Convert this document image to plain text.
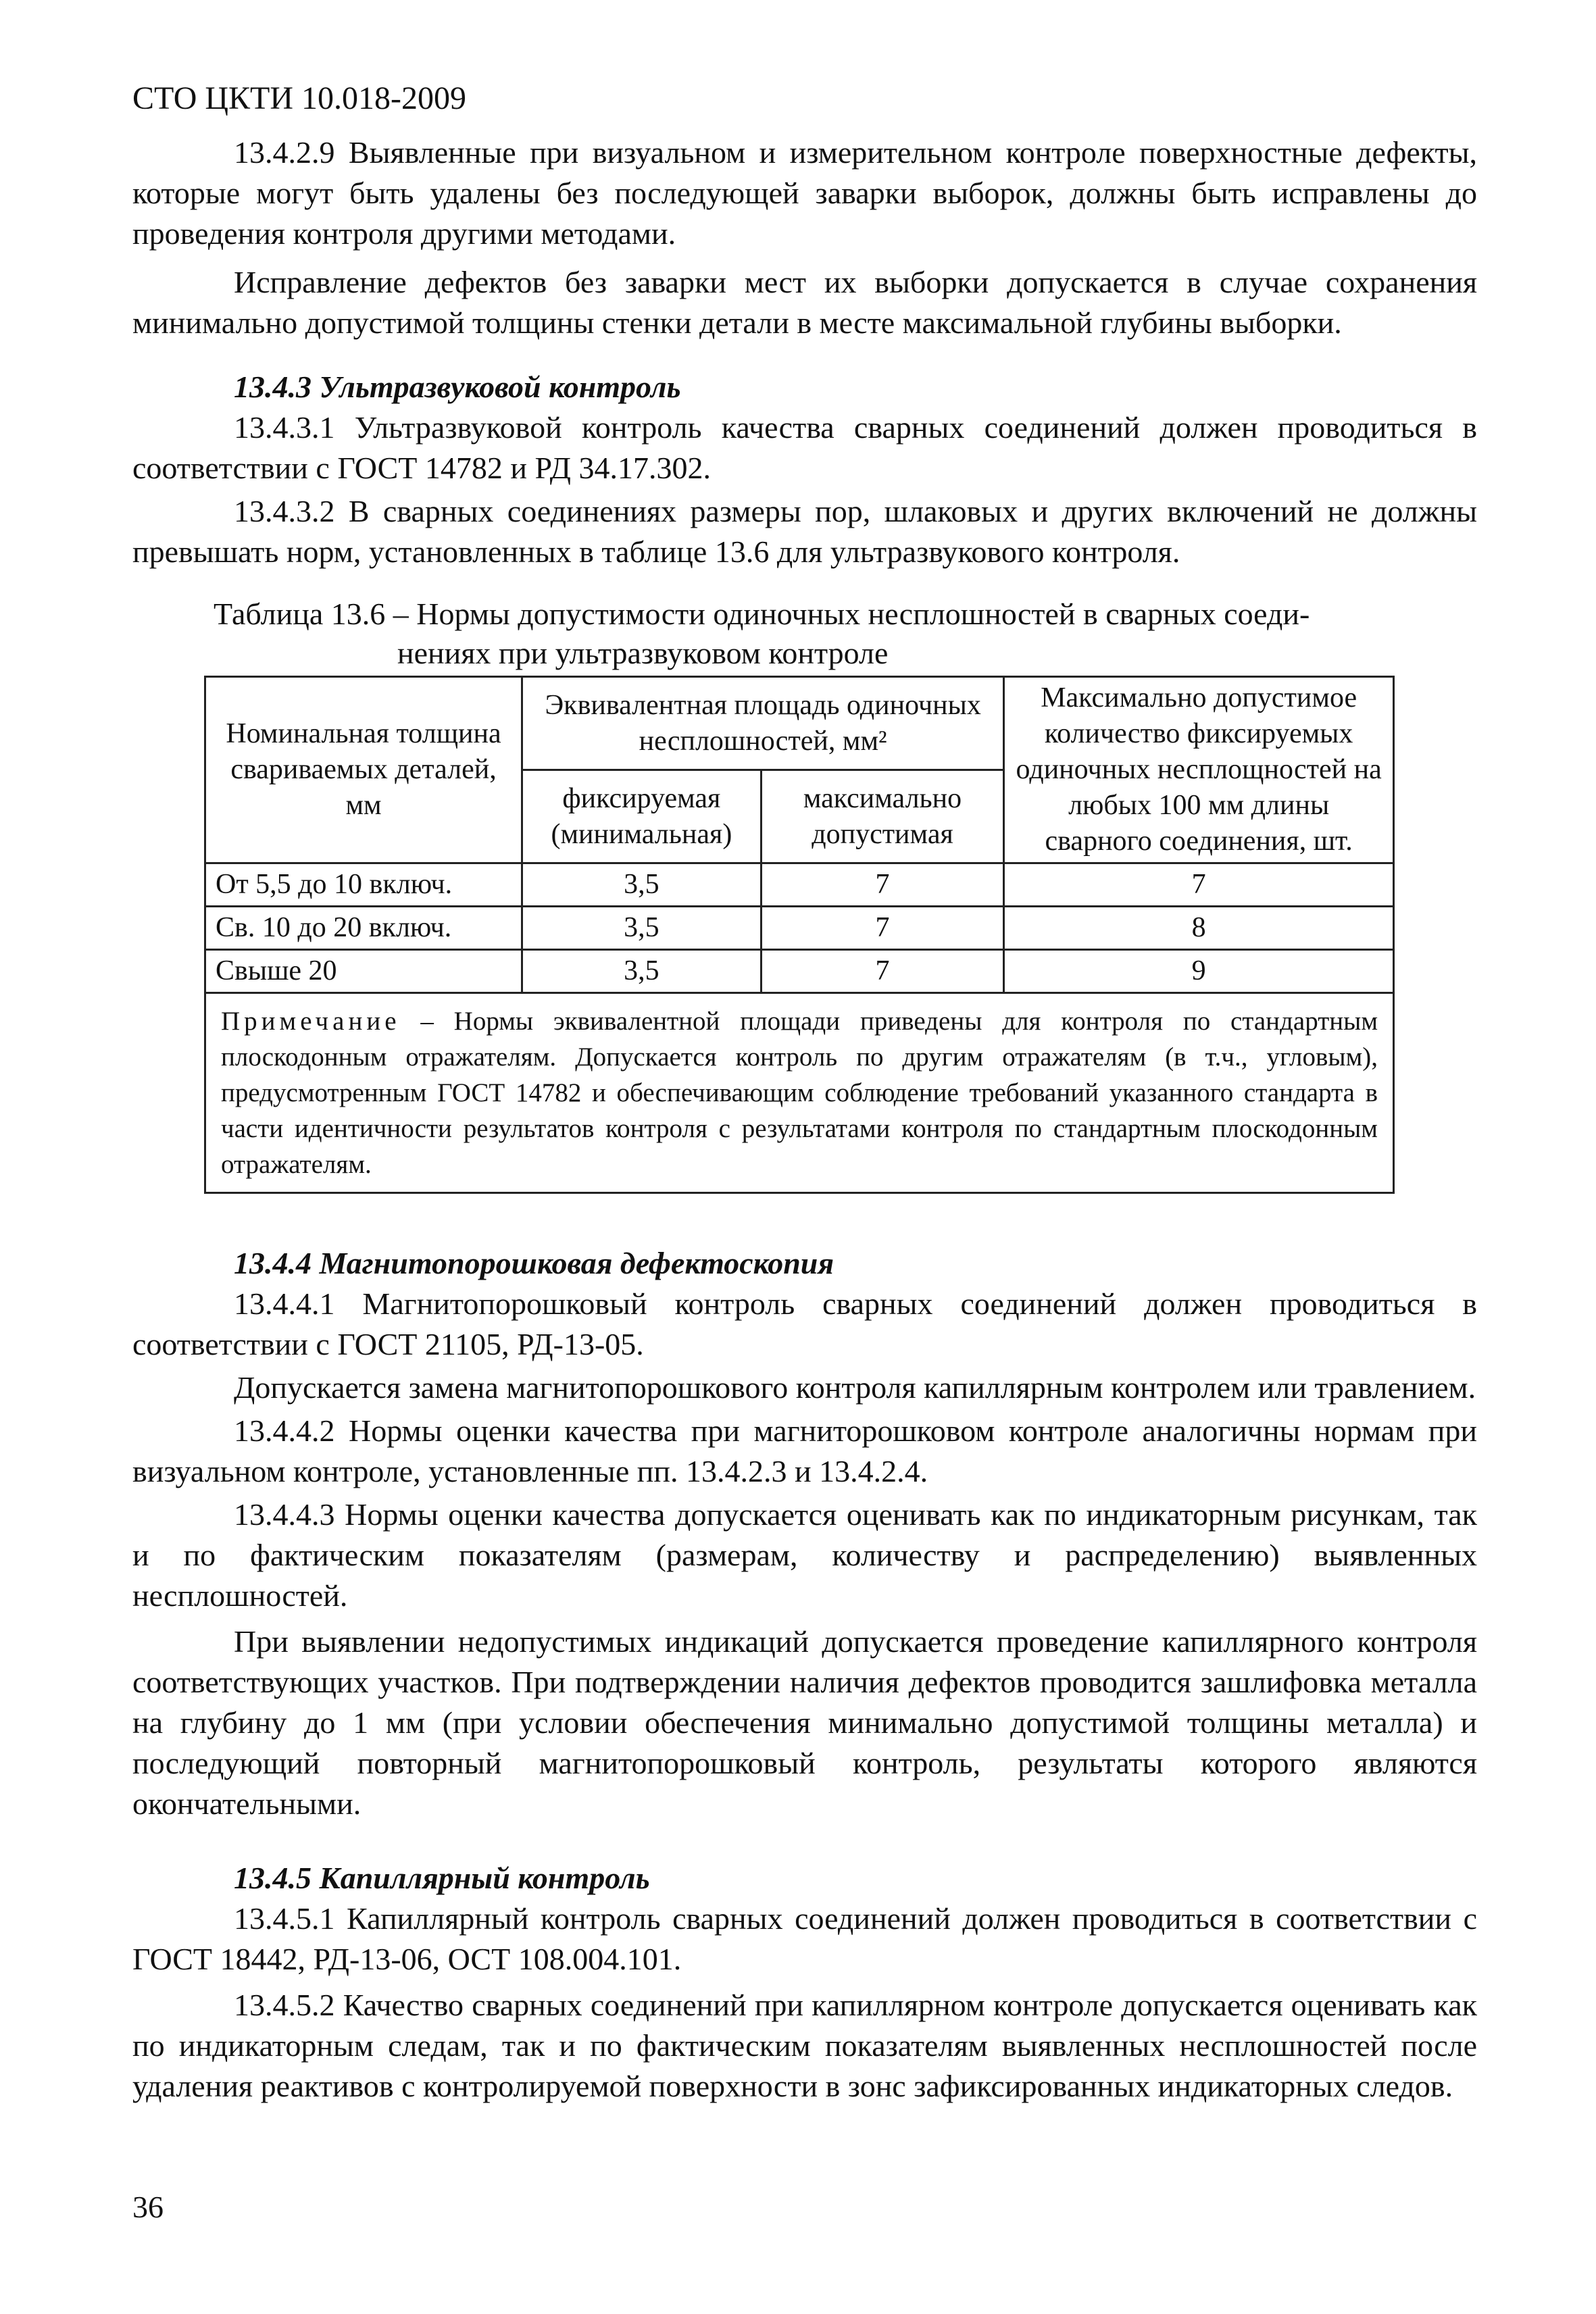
СТО ЦКТИ 10.018-2009

13.4.2.9 Выявленные при визуальном и измерительном контроле поверхностные дефекты, которые могут быть удалены без последующей заварки выборок, должны быть исправлены до проведения контроля другими методами.

Исправление дефектов без заварки мест их выборки допускается в случае сохранения минимально допустимой толщины стенки детали в месте максимальной глубины выборки.

13.4.3 Ультразвуковой контроль

13.4.3.1 Ультразвуковой контроль качества сварных соединений должен проводиться в соответствии с ГОСТ 14782 и РД 34.17.302.

13.4.3.2 В сварных соединениях размеры пор, шлаковых и других включений не должны превышать норм, установленных в таблице 13.6 для ультразвукового контроля.

Таблица 13.6 – Нормы допустимости одиночных несплошностей в сварных соеди-
нениях при ультразвуковом контроле
Номинальная толщина свариваемых деталей, мм	Эквивалентная площадь одиночных несплошностей, мм²		Максимально допустимое количество фиксируемых одиночных несплощностей на любых 100 мм длины сварного соединения, шт.
	фиксируемая (минимальная)	максимально допустимая	
От 5,5 до 10 включ.	3,5	7	7
Св. 10 до 20 включ.	3,5	7	8
Свыше 20	3,5	7	9
Примечание – Нормы эквивалентной площади приведены для контроля по стандартным плоскодонным отражателям. Допускается контроль по другим отражателям (в т.ч., угловым), предусмотренным ГОСТ 14782 и обеспечивающим соблюдение требований указанного стандарта в части идентичности результатов контроля с результатами контроля по стандартным плоскодонным отражателям.			

13.4.4 Магнитопорошковая дефектоскопия

13.4.4.1 Магнитопорошковый контроль сварных соединений должен проводиться в соответствии с ГОСТ 21105, РД-13-05.

Допускается замена магнитопорошкового контроля капиллярным контролем или травлением.

13.4.4.2 Нормы оценки качества при магниторошковом контроле аналогичны нормам при визуальном контроле, установленные пп. 13.4.2.3 и 13.4.2.4.

13.4.4.3 Нормы оценки качества допускается оценивать как по индикаторным рисункам, так и по фактическим показателям (размерам, количеству и распределению) выявленных несплошностей.

При выявлении недопустимых индикаций допускается проведение капиллярного контроля соответствующих участков. При подтверждении наличия дефектов проводится зашлифовка металла на глубину до 1 мм (при условии обеспечения минимально допустимой толщины металла) и последующий повторный магнитопорошковый контроль, результаты которого являются окончательными.

13.4.5 Капиллярный контроль

13.4.5.1 Капиллярный контроль сварных соединений должен проводиться в соответствии с ГОСТ 18442, РД-13-06, ОСТ 108.004.101.

13.4.5.2 Качество сварных соединений при капиллярном контроле допускается оценивать как по индикаторным следам, так и по фактическим показателям выявленных несплошностей после удаления реактивов с контролируемой поверхности в зонс зафиксированных индикаторных следов.

36
